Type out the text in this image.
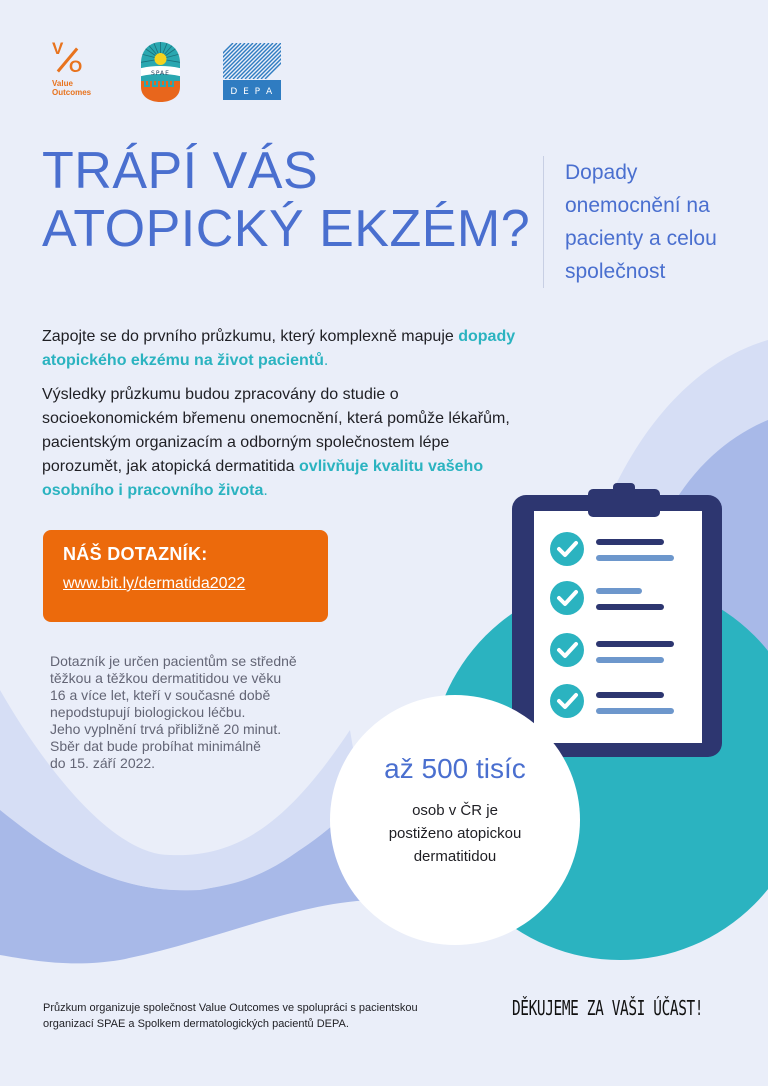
V
O
Value
Outcomes
SPAE
D E P A
TRÁPÍ VÁS
ATOPICKÝ EKZÉM?
Dopady
onemocnění na
pacienty a celou
společnost

Zapojte se do prvního průzkumu, který komplexně mapuje dopady atopického ekzému na život pacientů.

Výsledky průzkumu budou zpracovány do studie o socioekonomickém břemenu onemocnění, která pomůže lékařům, pacientským organizacím a odborným společnostem lépe porozumět, jak atopická dermatitida ovlivňuje kvalitu vašeho osobního i pracovního života.

NÁŠ DOTAZNÍK:
www.bit.ly/dermatida2022
Dotazník je určen pacientům se středně
těžkou a těžkou dermatitidou ve věku
16 a více let, kteří v současné době
nepodstupují biologickou léčbu.
Jeho vyplnění trvá přibližně 20 minut.
Sběr dat bude probíhat minimálně
do 15. září 2022.	až 500 tisíc
osob v ČR je
postiženo atopickou
dermatitidou
Průzkum organizuje společnost Value Outcomes ve spolupráci s pacientskou
organizací SPAE a Spolkem dermatologických pacientů DEPA.
DĚKUJEME ZA VAŠI ÚČAST!
